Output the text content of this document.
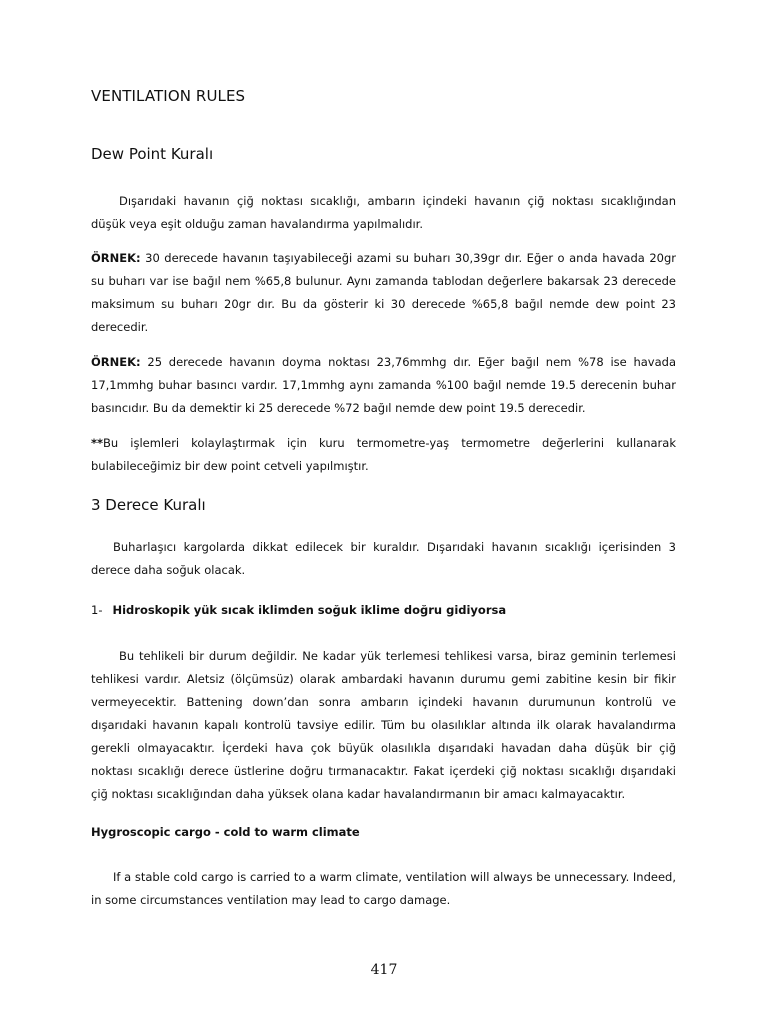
VENTILATION RULES
Dew Point Kuralı
Dışarıdaki havanın çiğ noktası sıcaklığı, ambarın içindeki havanın çiğ noktası sıcaklığından düşük veya eşit olduğu zaman havalandırma yapılmalıdır.
ÖRNEK: 30 derecede havanın taşıyabileceği azami su buharı 30,39gr dır. Eğer o anda havada 20gr su buharı var ise bağıl nem %65,8 bulunur. Aynı zamanda tablodan değerlere bakarsak 23 derecede maksimum su buharı 20gr dır. Bu da gösterir ki 30 derecede %65,8 bağıl nemde dew point 23 derecedir.
ÖRNEK: 25 derecede havanın doyma noktası 23,76mmhg dır. Eğer bağıl nem %78 ise havada 17,1mmhg buhar basıncı vardır. 17,1mmhg aynı zamanda %100 bağıl nemde 19.5 derecenin buhar basıncıdır. Bu da demektir ki 25 derecede %72 bağıl nemde dew point 19.5 derecedir.
**Bu işlemleri kolaylaştırmak için kuru termometre-yaş termometre değerlerini kullanarak bulabileceğimiz bir dew point cetveli yapılmıştır.
3 Derece Kuralı
Buharlaşıcı kargolarda dikkat edilecek bir kuraldır. Dışarıdaki havanın sıcaklığı içerisinden 3 derece daha soğuk olacak.
1- Hidroskopik yük sıcak iklimden soğuk iklime doğru gidiyorsa
Bu tehlikeli bir durum değildir. Ne kadar yük terlemesi tehlikesi varsa, biraz geminin terlemesi tehlikesi vardır. Aletsiz (ölçümsüz) olarak ambardaki havanın durumu gemi zabitine kesin bir fikir vermeyecektir. Battening down’dan sonra ambarın içindeki havanın durumunun kontrolü ve dışarıdaki havanın kapalı kontrolü tavsiye edilir. Tüm bu olasılıklar altında ilk olarak havalandırma gerekli olmayacaktır. İçerdeki hava çok büyük olasılıkla dışarıdaki havadan daha düşük bir çiğ noktası sıcaklığı derece üstlerine doğru tırmanacaktır. Fakat içerdeki çiğ noktası sıcaklığı dışarıdaki çiğ noktası sıcaklığından daha yüksek olana kadar havalandırmanın bir amacı kalmayacaktır.
Hygroscopic cargo - cold to warm climate
If a stable cold cargo is carried to a warm climate, ventilation will always be unnecessary. Indeed, in some circumstances ventilation may lead to cargo damage.
417
